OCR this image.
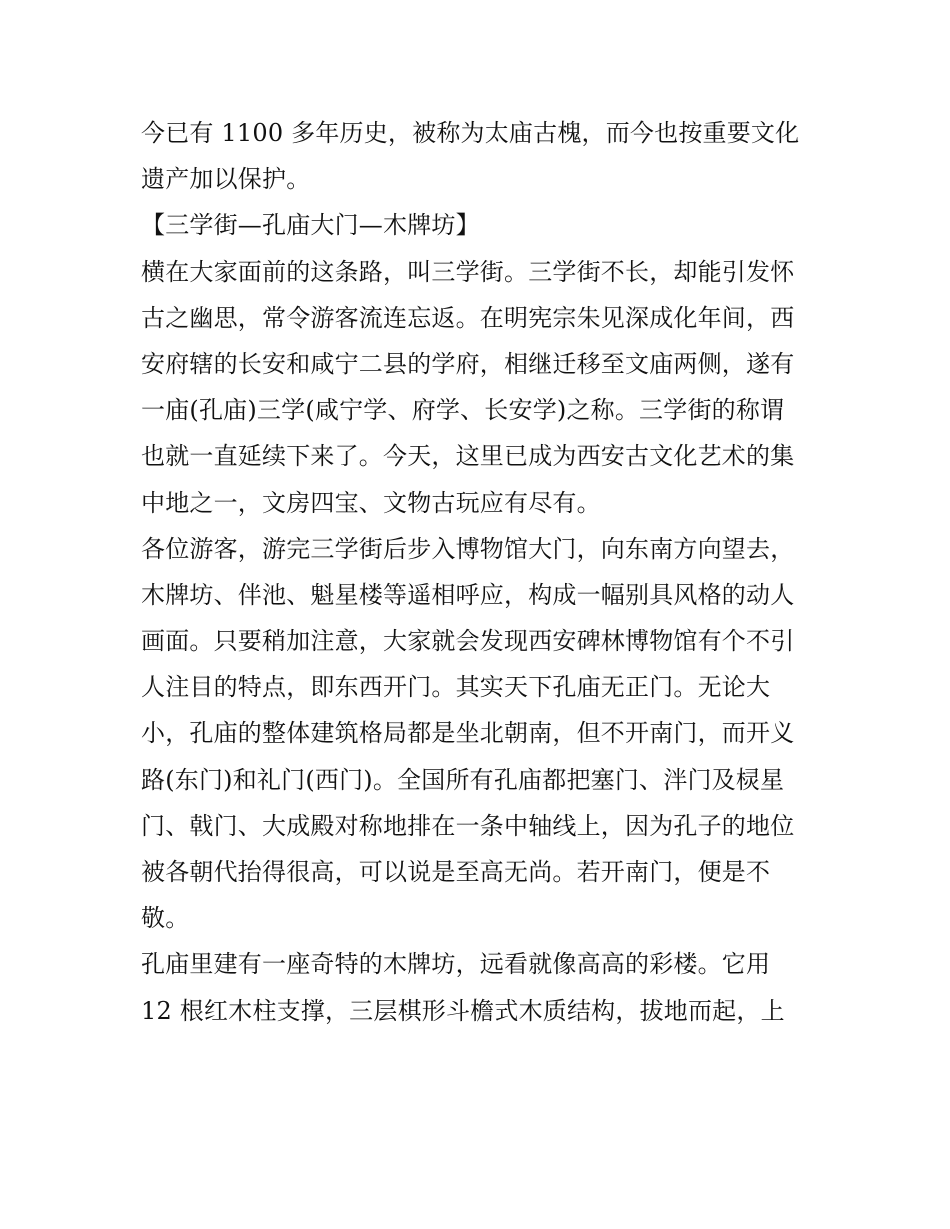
今已有 1100 多年历史，被称为太庙古槐，而今也按重要文化
遗产加以保护。
【三学街—孔庙大门—木牌坊】
横在大家面前的这条路，叫三学街。三学街不长，却能引发怀
古之幽思，常令游客流连忘返。在明宪宗朱见深成化年间，西
安府辖的长安和咸宁二县的学府，相继迁移至文庙两侧，遂有
一庙(孔庙)三学(咸宁学、府学、长安学)之称。三学街的称谓
也就一直延续下来了。今天，这里已成为西安古文化艺术的集
中地之一，文房四宝、文物古玩应有尽有。
各位游客，游完三学街后步入博物馆大门，向东南方向望去，
木牌坊、伴池、魁星楼等遥相呼应，构成一幅别具风格的动人
画面。只要稍加注意，大家就会发现西安碑林博物馆有个不引
人注目的特点，即东西开门。其实天下孔庙无正门。无论大
小，孔庙的整体建筑格局都是坐北朝南，但不开南门，而开义
路(东门)和礼门(西门)。全国所有孔庙都把塞门、泮门及棂星
门、戟门、大成殿对称地排在一条中轴线上，因为孔子的地位
被各朝代抬得很高，可以说是至高无尚。若开南门，便是不
敬。
孔庙里建有一座奇特的木牌坊，远看就像高高的彩楼。它用
12 根红木柱支撑，三层棋形斗檐式木质结构，拔地而起，上
